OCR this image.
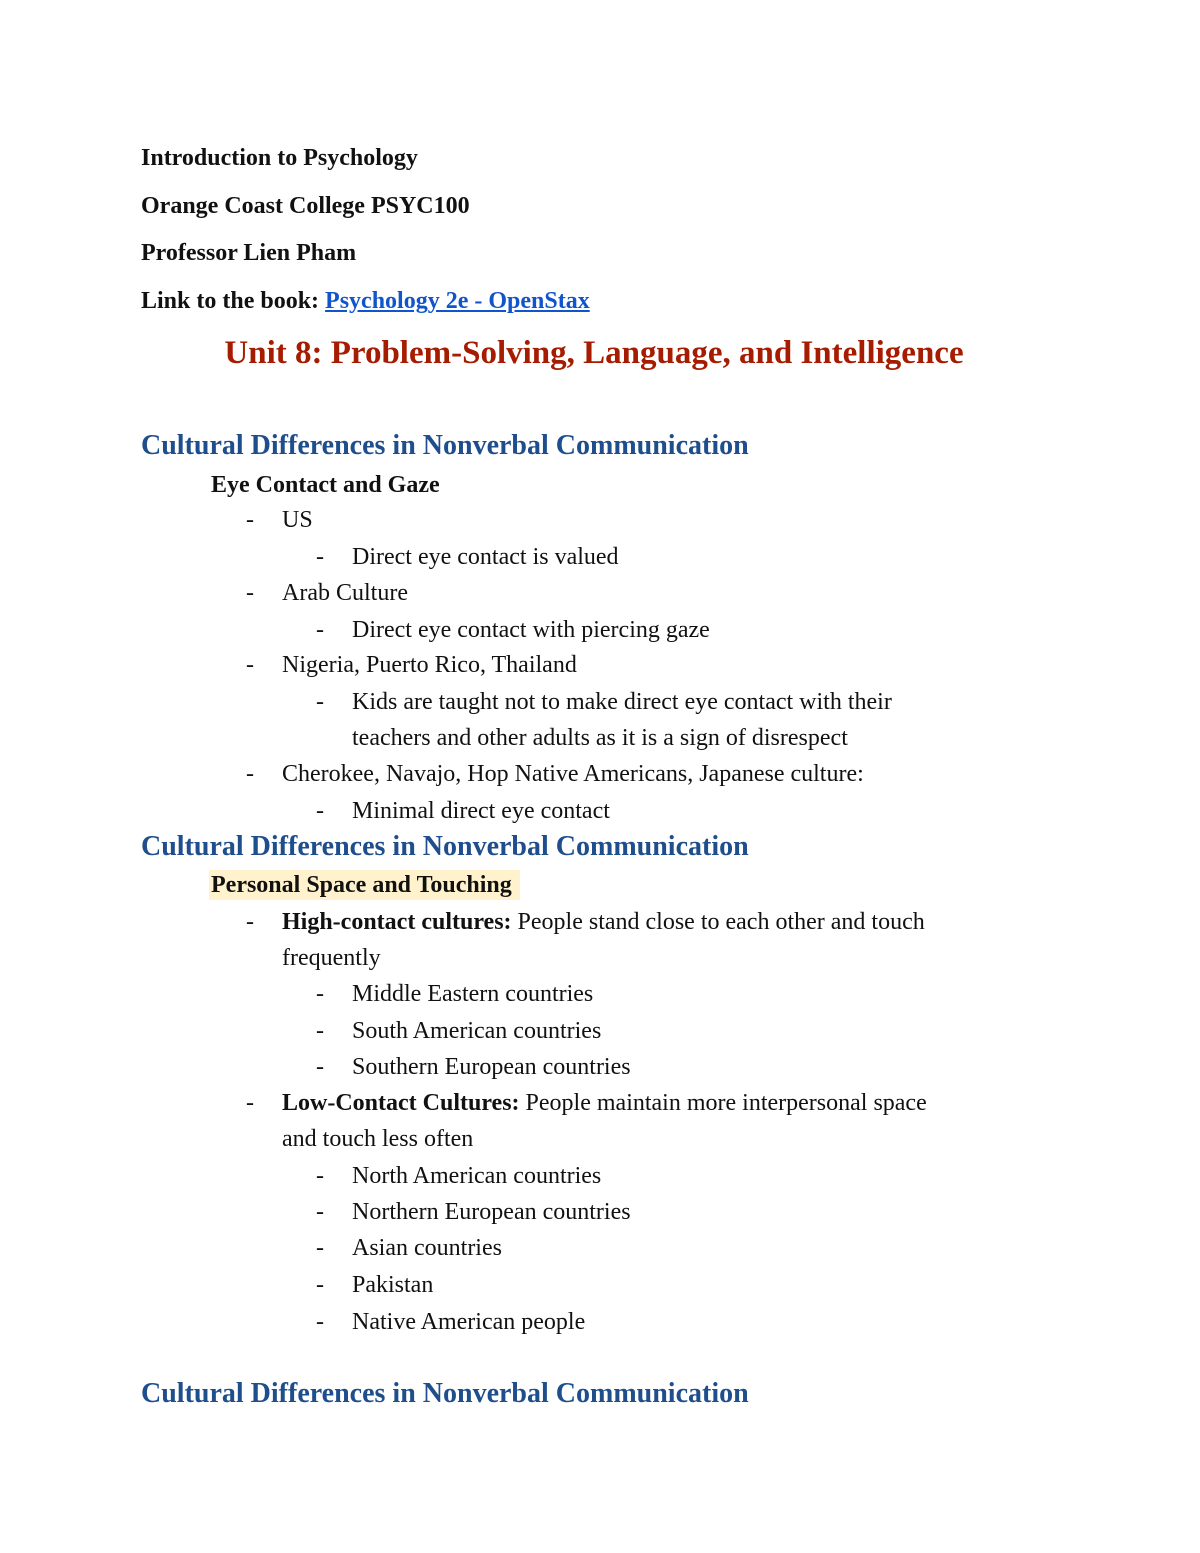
Introduction to Psychology
Orange Coast College PSYC100
Professor Lien Pham
Link to the book: Psychology 2e - OpenStax
Unit 8: Problem-Solving, Language, and Intelligence
Cultural Differences in Nonverbal Communication
Eye Contact and Gaze
- US
- Direct eye contact is valued
- Arab Culture
- Direct eye contact with piercing gaze
- Nigeria, Puerto Rico, Thailand
- Kids are taught not to make direct eye contact with their
teachers and other adults as it is a sign of disrespect
- Cherokee, Navajo, Hop Native Americans, Japanese culture:
- Minimal direct eye contact
Cultural Differences in Nonverbal Communication
Personal Space and Touching
- High-contact cultures: People stand close to each other and touch
frequently
- Middle Eastern countries
- South American countries
- Southern European countries
- Low-Contact Cultures: People maintain more interpersonal space
and touch less often
- North American countries
- Northern European countries
- Asian countries
- Pakistan
- Native American people
Cultural Differences in Nonverbal Communication
